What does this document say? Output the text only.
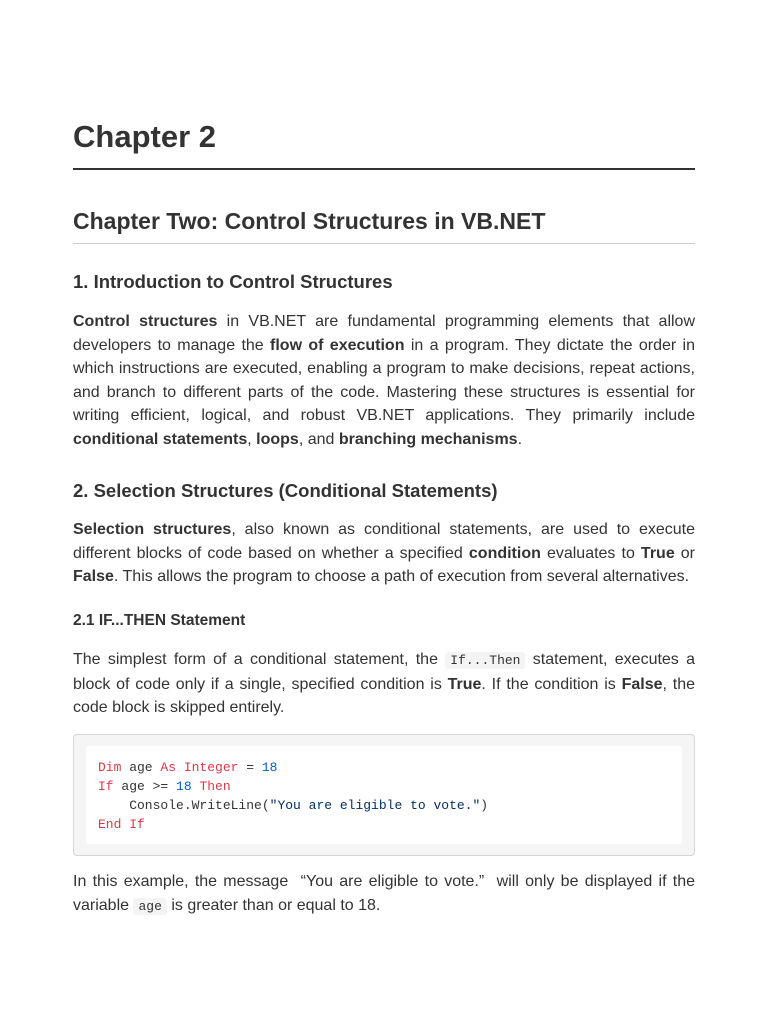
Chapter 2
Chapter Two: Control Structures in VB.NET
1. Introduction to Control Structures

Control structures in VB.NET are fundamental programming elements that allow developers to manage the flow of execution in a program. They dictate the order in which instructions are executed, enabling a program to make decisions, repeat actions, and branch to different parts of the code. Mastering these structures is essential for writing efficient, logical, and robust VB.NET applications. They primarily include conditional statements, loops, and branching mechanisms.

2. Selection Structures (Conditional Statements)

Selection structures, also known as conditional statements, are used to execute different blocks of code based on whether a specified condition evaluates to True or False. This allows the program to choose a path of execution from several alternatives.

2.1 IF...THEN Statement

The simplest form of a conditional statement, the If...Then statement, executes a block of code only if a single, specified condition is True. If the condition is False, the code block is skipped entirely.

Dim age As Integer = 18
If age >= 18 Then
Console.WriteLine("You are eligible to vote.")
End If

In this example, the message  “You are eligible to vote.”  will only be displayed if the variable age is greater than or equal to 18.
